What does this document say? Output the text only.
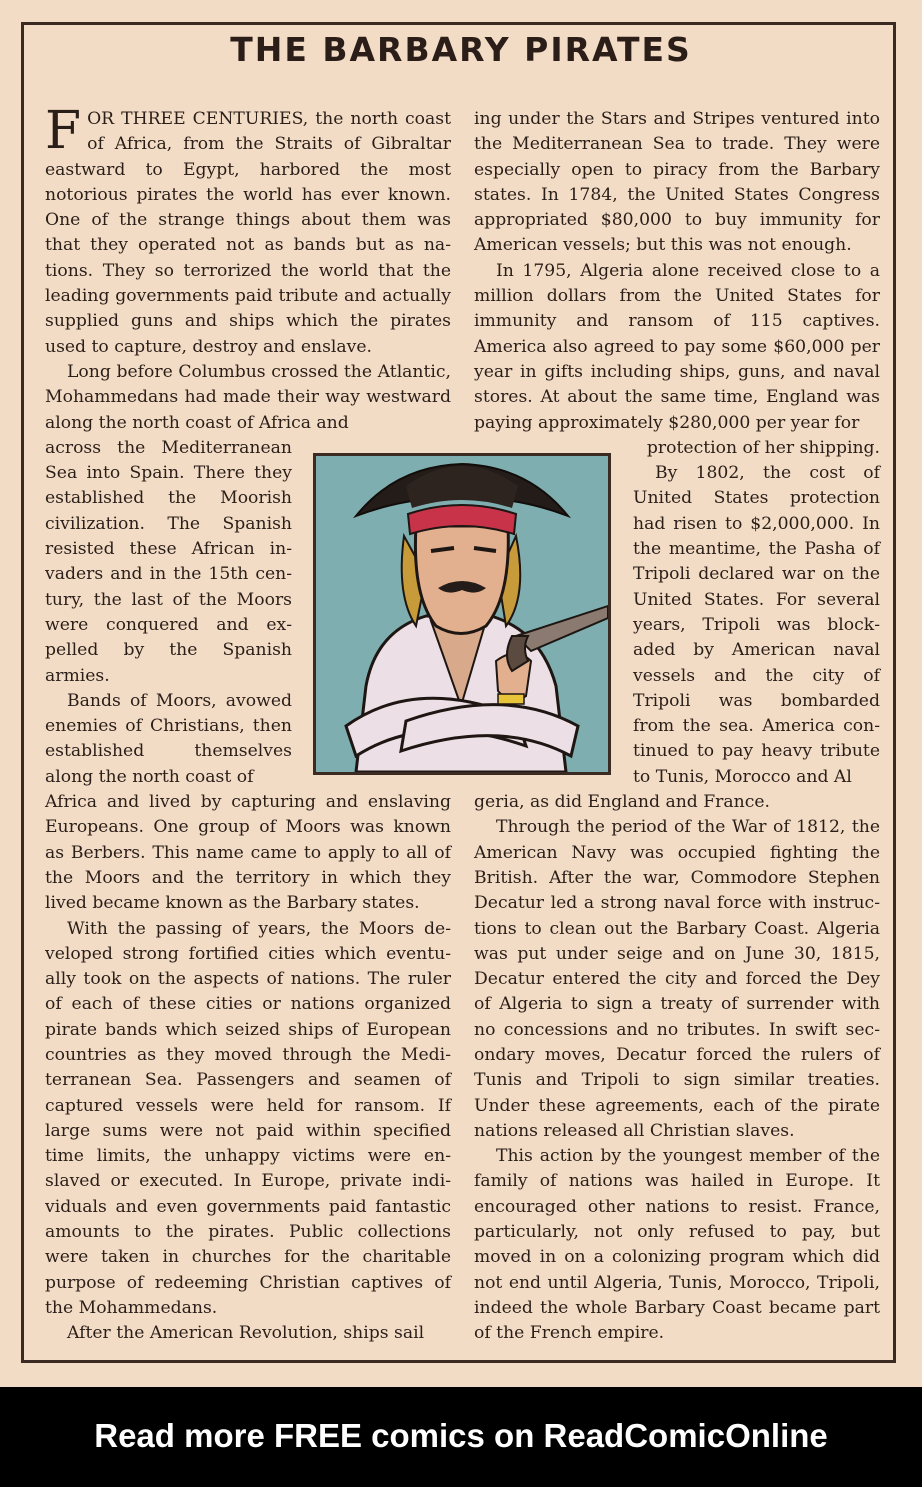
THE BARBARY PIRATES

FOR THREE CENTURIES, the north coast of Africa, from the Straits of Gibraltar eastward to Egypt, harbored the most notorious pirates the world has ever known. One of the strange things about them was that they operated not as bands but as nations. They so terrorized the world that the leading governments paid tribute and actually supplied guns and ships which the pirates used to capture, destroy and enslave.

Long before Columbus crossed the Atlantic, Mohammedans had made their way westward along the north coast of Africa and

across the Mediterranean Sea into Spain. There they established the Moorish civilization. The Spanish resisted these African invaders and in the 15th century, the last of the Moors were conquered and expelled by the Spanish armies.

Bands of Moors, avowed enemies of Christians, then established themselves along the north coast of

Africa and lived by capturing and enslaving Europeans. One group of Moors was known as Berbers. This name came to apply to all of the Moors and the territory in which they lived became known as the Barbary states.

With the passing of years, the Moors developed strong fortified cities which eventually took on the aspects of nations. The ruler of each of these cities or nations organized pirate bands which seized ships of European countries as they moved through the Mediterranean Sea. Passengers and seamen of captured vessels were held for ransom. If large sums were not paid within specified time limits, the unhappy victims were enslaved or executed. In Europe, private individuals and even governments paid fantastic amounts to the pirates. Public collections were taken in churches for the charitable purpose of redeeming Christian captives of the Mohammedans.

After the American Revolution, ships sail

ing under the Stars and Stripes ventured into the Mediterranean Sea to trade. They were especially open to piracy from the Barbary states. In 1784, the United States Congress appropriated $80,000 to buy immunity for American vessels; but this was not enough.

In 1795, Algeria alone received close to a million dollars from the United States for immunity and ransom of 115 captives. America also agreed to pay some $60,000 per year in gifts including ships, guns, and naval stores. At about the same time, England was paying approximately $280,000 per year for

protection of her shipping.

By 1802, the cost of United States protection had risen to $2,000,000. In the meantime, the Pasha of Tripoli declared war on the United States. For several years, Tripoli was blockaded by American naval vessels and the city of Tripoli was bombarded from the sea. America continued to pay heavy tribute to Tunis, Morocco and Al

geria, as did England and France.

Through the period of the War of 1812, the American Navy was occupied fighting the British. After the war, Commodore Stephen Decatur led a strong naval force with instructions to clean out the Barbary Coast. Algeria was put under seige and on June 30, 1815, Decatur entered the city and forced the Dey of Algeria to sign a treaty of surrender with no concessions and no tributes. In swift secondary moves, Decatur forced the rulers of Tunis and Tripoli to sign similar treaties. Under these agreements, each of the pirate nations released all Christian slaves.

This action by the youngest member of the family of nations was hailed in Europe. It encouraged other nations to resist. France, particularly, not only refused to pay, but moved in on a colonizing program which did not end until Algeria, Tunis, Morocco, Tripoli, indeed the whole Barbary Coast became part of the French empire.

Read more FREE comics on ReadComicOnline
